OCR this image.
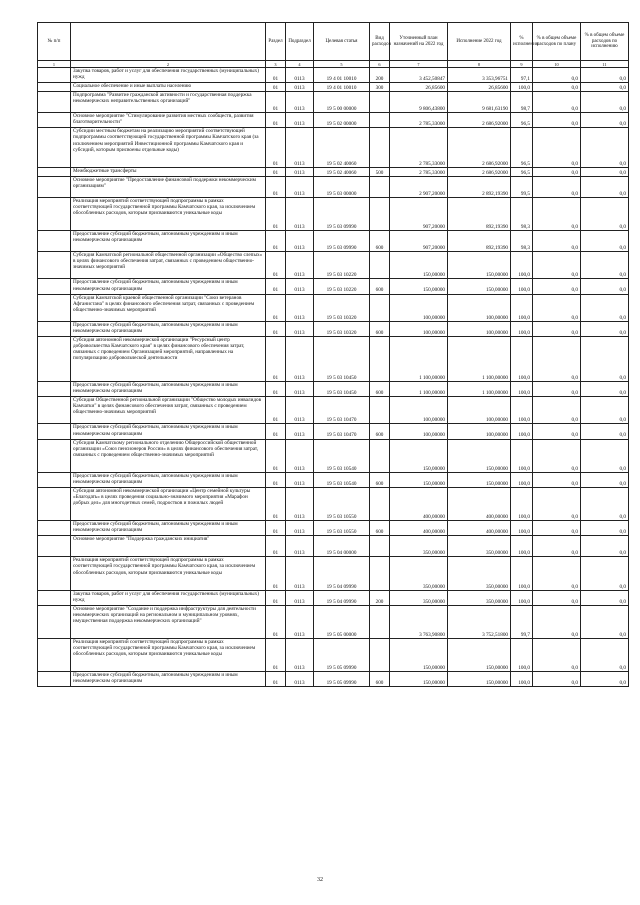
№ п/п		Раздел	Подраздел	Целевая статья	Вид расходов	Уточненный план назначений на 2022 год	Исполнение 2022 год	% исполнения	% в общем объеме расходов по плану	% в общем объеме расходов по исполнению
1	2	3	4	5	6	7	8	9	10	11
	Закупка товаров, работ и услуг для обеспечения государственных (муниципальных) нужд	01	0113	19 4 01 10010	200	3 452,50847	3 353,96751	97,1	0,0	0,0
	Социальное обеспечение и иные выплаты населению	01	0113	19 4 01 10010	300	26,85600	26,85600	100,0	0,0	0,0
	Подпрограмма "Развитие гражданской активности и государственная поддержка некоммерческих неправительственных организаций"	01	0113	19 5 00 00000		9 806,43800	9 681,63190	98,7	0,0	0,0
	Основное мероприятие "Стимулирование развития местных сообществ, развития благотворительности"	01	0113	19 5 02 00000		2 785,33000	2 686,92000	96,5	0,0	0,0
	Субсидии местным бюджетам на реализацию мероприятий соответствующей подпрограммы соответствующей государственной программы Камчатского края (за исключением мероприятий Инвестиционной программы Камчатского края и субсидий, которым присвоены отдельные коды)	01	0113	19 5 02 40060		2 785,33000	2 686,92000	96,5	0,0	0,0
	Межбюджетные трансферты	01	0113	19 5 02 40060	500	2 785,33000	2 686,92000	96,5	0,0	0,0
	Основное мероприятие "Предоставление финансовой поддержки некоммерческим организациям"	01	0113	19 5 03 00000		2 907,20000	2 892,19390	99,5	0,0	0,0
	Реализация мероприятий соответствующей подпрограммы в рамках соответствующей государственной программы Камчатского края, за исключением обособленных расходов, которым присваиваются уникальные коды	01	0113	19 5 03 09990		907,20000	892,19390	98,3	0,0	0,0
	Предоставление субсидий бюджетным, автономным учреждениям и иным некоммерческим организациям	01	0113	19 5 03 09990	600	907,20000	892,19390	98,3	0,0	0,0
	Субсидия Камчатской региональной общественной организации «Общество слепых» в целях финансового обеспечения затрат, связанных с проведением общественно-значимых мероприятий	01	0113	19 5 03 10220		150,00000	150,00000	100,0	0,0	0,0
	Предоставление субсидий бюджетным, автономным учреждениям и иным некоммерческим организациям	01	0113	19 5 03 10220	600	150,00000	150,00000	100,0	0,0	0,0
	Субсидия Камчатской краевой общественной организации "Союз ветеранов Афганистана" в целях финансового обеспечения затрат, связанных с проведением общественно-значимых мероприятий	01	0113	19 5 03 10320		100,00000	100,00000	100,0	0,0	0,0
	Предоставление субсидий бюджетным, автономным учреждениям и иным некоммерческим организациям	01	0113	19 5 03 10320	600	100,00000	100,00000	100,0	0,0	0,0
	Субсидия автономной некоммерческой организации "Ресурсный центр добровольчества Камчатского края" в целях финансового обеспечения затрат, связанных с проведением Организацией мероприятий, направленных на популяризацию добровольческой деятельности	01	0113	19 5 03 10450		1 100,00000	1 100,00000	100,0	0,0	0,0
	Предоставление субсидий бюджетным, автономным учреждениям и иным некоммерческим организациям	01	0113	19 5 03 10450	600	1 100,00000	1 100,00000	100,0	0,0	0,0
	Субсидия Общественной региональной организации "Общество молодых инвалидов Камчатки" в целях финансового обеспечения затрат, связанных с проведением общественно-значимых мероприятий	01	0113	19 5 03 10470		100,00000	100,00000	100,0	0,0	0,0
	Предоставление субсидий бюджетным, автономным учреждениям и иным некоммерческим организациям	01	0113	19 5 03 10470	600	100,00000	100,00000	100,0	0,0	0,0
	Субсидия Камчатскому регионального отделению Общероссийской общественной организации «Союз пенсионеров России» в целях финансового обеспечения затрат, связанных с проведением общественно-значимых мероприятий	01	0113	19 5 03 10540		150,00000	150,00000	100,0	0,0	0,0
	Предоставление субсидий бюджетным, автономным учреждениям и иным некоммерческим организациям	01	0113	19 5 03 10540	600	150,00000	150,00000	100,0	0,0	0,0
	Субсидия автономной некоммерческой организации «Центр семейной культуры «Благодать» в целях проведения социально-значимого мероприятия «Марафон добрых дел» для многодетных семей, подростков и пожилых людей	01	0113	19 5 03 10550		400,00000	400,00000	100,0	0,0	0,0
	Предоставление субсидий бюджетным, автономным учреждениям и иным некоммерческим организациям	01	0113	19 5 03 10550	600	400,00000	400,00000	100,0	0,0	0,0
	Основное мероприятие "Поддержка гражданских инициатив"	01	0113	19 5 04 00000		350,00000	350,00000	100,0	0,0	0,0
	Реализация мероприятий соответствующей подпрограммы в рамках соответствующей государственной программы Камчатского края, за исключением обособленных расходов, которым присваиваются уникальные коды	01	0113	19 5 04 09990		350,00000	350,00000	100,0	0,0	0,0
	Закупка товаров, работ и услуг для обеспечения государственных (муниципальных) нужд	01	0113	19 5 04 09990	200	350,00000	350,00000	100,0	0,0	0,0
	Основное мероприятие "Создание и поддержка инфраструктуры для деятельности некоммерческих организаций на региональном и муниципальном уровнях, имущественная поддержка некоммерческих организаций"	01	0113	19 5 05 00000		3 763,90800	3 752,51800	99,7	0,0	0,0
	Реализация мероприятий соответствующей подпрограммы в рамках соответствующей государственной программы Камчатского края, за исключением обособленных расходов, которым присваиваются уникальные коды	01	0113	19 5 05 09990		150,00000	150,00000	100,0	0,0	0,0
	Предоставление субсидий бюджетным, автономным учреждениям и иным некоммерческим организациям	01	0113	19 5 05 09990	600	150,00000	150,00000	100,0	0,0	0,0
32
